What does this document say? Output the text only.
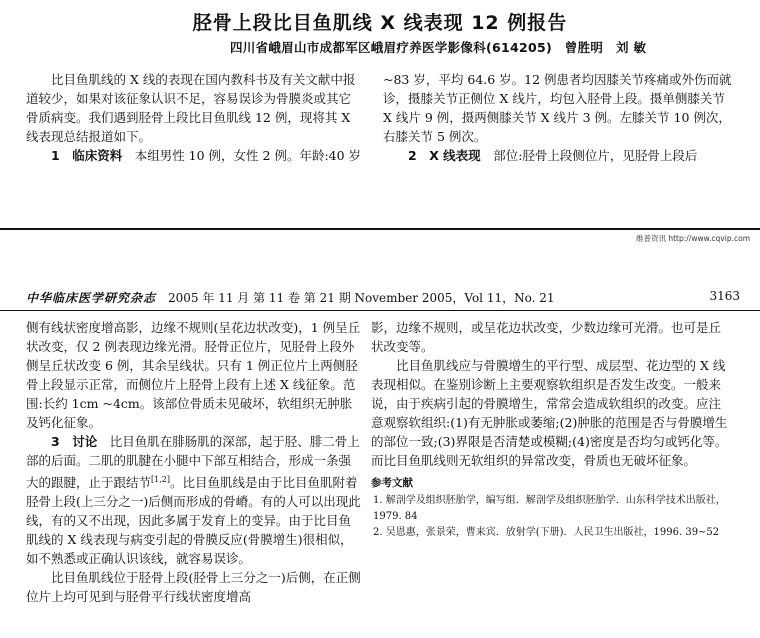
胫骨上段比目鱼肌线 X 线表现 12 例报告
四川省峨眉山市成都军区峨眉疗养医学影像科(614205)　曾胜明　刘 敏

比目鱼肌线的 X 线的表现在国内教科书及有关文献中报道较少，如果对该征象认识不足，容易误诊为骨膜炎或其它骨质病变。我们遇到胫骨上段比目鱼肌线 12 例，现将其 X 线表现总结报道如下。

1　临床资料　本组男性 10 例，女性 2 例。年龄:40 岁

~83 岁，平均 64.6 岁。12 例患者均因膝关节疼痛或外伤而就诊，摄膝关节正侧位 X 线片，均包入胫骨上段。摄单侧膝关节 X 线片 9 例，摄两侧膝关节 X 线片 3 例。左膝关节 10 例次，右膝关节 5 例次。

2　X 线表现　部位:胫骨上段侧位片，见胫骨上段后

维普资讯 http://www.cqvip.com
中华临床医学研究杂志　 2005 年 11 月 第 11 卷 第 21 期 November 2005，Vol 11，No. 21	3163

侧有线状密度增高影，边缘不规则(呈花边状改变)，1 例呈丘状改变，仅 2 例表现边缘光滑。胫骨正位片，见胫骨上段外侧呈丘状改变 6 例，其余呈线状。只有 1 例正位片上两侧胫骨上段显示正常，而侧位片上胫骨上段有上述 X 线征象。范围:长约 1cm ~4cm。该部位骨质未见破坏，软组织无肿胀及钙化征象。

3　讨论　比目鱼肌在腓肠肌的深部，起于胫、腓二骨上部的后面。二肌的肌腱在小腿中下部互相结合，形成一条强大的跟腱，止于跟结节[1,2]。比目鱼肌线是由于比目鱼肌附着胫骨上段(上三分之一)后侧而形成的骨嵴。有的人可以出现此线，有的又不出现，因此多属于发育上的变异。由于比目鱼肌线的 X 线表现与病变引起的骨膜反应(骨膜增生)很相似，如不熟悉或正确认识该线，就容易误诊。

比目鱼肌线位于胫骨上段(胫骨上三分之一)后侧，在正侧位片上均可见到与胫骨平行线状密度增高

影，边缘不规则，或呈花边状改变，少数边缘可光滑。也可是丘状改变等。

比目鱼肌线应与骨膜增生的平行型、成层型、花边型的 X 线表现相似。在鉴别诊断上主要观察软组织是否发生改变。一般来说，由于疾病引起的骨膜增生，常常会造成软组织的改变。应注意观察软组织:(1)有无肿胀或萎缩;(2)肿胀的范围是否与骨膜增生的部位一致;(3)界限是否清楚或模糊;(4)密度是否均匀或钙化等。而比目鱼肌线则无软组织的异常改变，骨质也无破坏征象。

参考文献

1. 解剖学及组织胚胎学，编写组．解剖学及组织胚胎学．山东科学技术出版社，1979. 84

2. 吴恩惠，张景荣，曹来宾．放射学(下册)．人民卫生出版社，1996. 39~52
